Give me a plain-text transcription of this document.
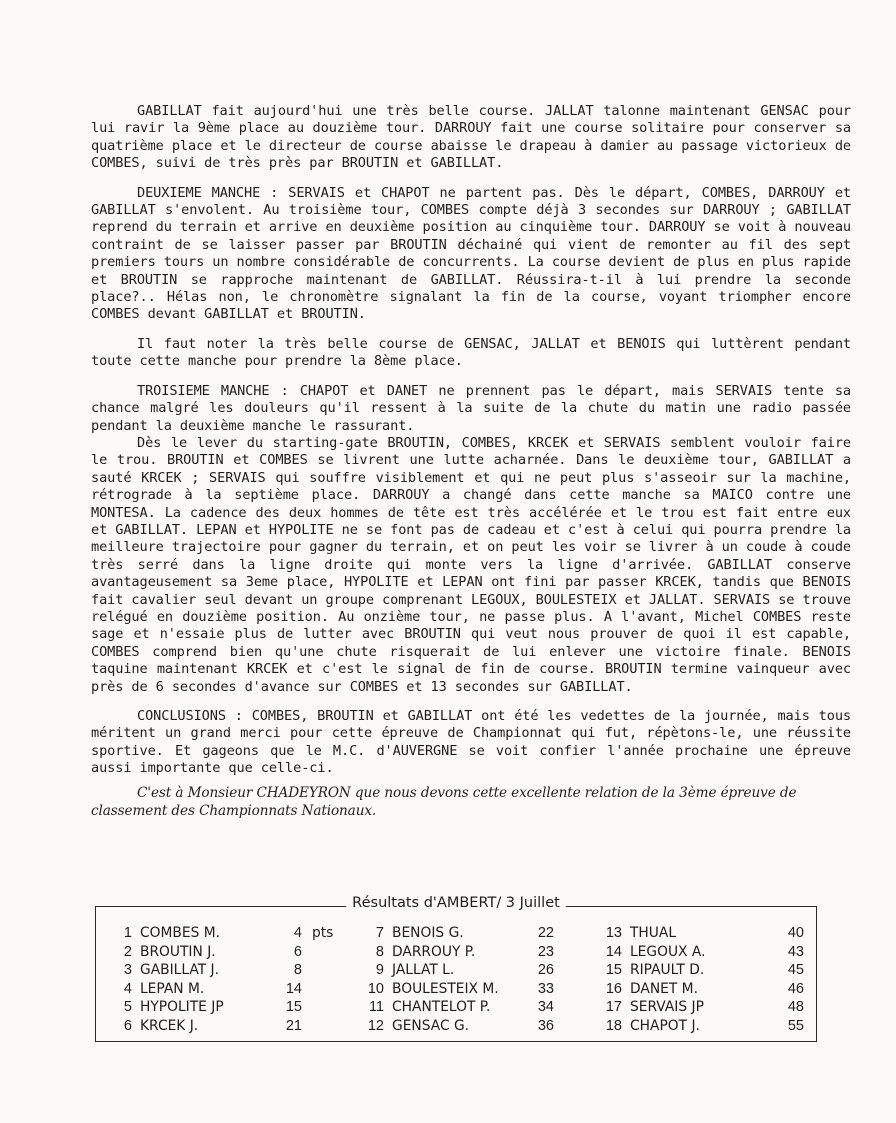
GABILLAT fait aujourd'hui une très belle course. JALLAT talonne maintenant GENSAC pour lui ravir la 9ème place au douzième tour. DARROUY fait une course solitaire pour conserver sa quatrième place et le directeur de course abaisse le drapeau à damier au passage victorieux de COMBES, suivi de très près par BROUTIN et GABILLAT.

DEUXIEME MANCHE : SERVAIS et CHAPOT ne partent pas. Dès le départ, COMBES, DARROUY et GABILLAT s'envolent. Au troisième tour, COMBES compte déjà 3 secondes sur DARROUY ; GABILLAT reprend du terrain et arrive en deuxième position au cinquième tour. DARROUY se voit à nouveau contraint de se laisser passer par BROUTIN déchainé qui vient de remonter au fil des sept premiers tours un nombre considérable de concurrents. La course devient de plus en plus rapide et BROUTIN se rapproche maintenant de GABILLAT. Réussira-t-il à lui prendre la seconde place?.. Hélas non, le chronomètre signalant la fin de la course, voyant triompher encore COMBES devant GABILLAT et BROUTIN.

Il faut noter la très belle course de GENSAC, JALLAT et BENOIS qui luttèrent pendant toute cette manche pour prendre la 8ème place.

TROISIEME MANCHE : CHAPOT et DANET ne prennent pas le départ, mais SERVAIS tente sa chance malgré les douleurs qu'il ressent à la suite de la chute du matin une radio passée pendant la deuxième manche le rassurant.

Dès le lever du starting-gate BROUTIN, COMBES, KRCEK et SERVAIS semblent vouloir faire le trou. BROUTIN et COMBES se livrent une lutte acharnée. Dans le deuxième tour, GABILLAT a sauté KRCEK ; SERVAIS qui souffre visiblement et qui ne peut plus s'asseoir sur la machine, rétrograde à la septième place. DARROUY a changé dans cette manche sa MAICO contre une MONTESA. La cadence des deux hommes de tête est très accélérée et le trou est fait entre eux et GABILLAT. LEPAN et HYPOLITE ne se font pas de cadeau et c'est à celui qui pourra prendre la meilleure trajectoire pour gagner du terrain, et on peut les voir se livrer à un coude à coude très serré dans la ligne droite qui monte vers la ligne d'arrivée. GABILLAT conserve avantageusement sa 3eme place, HYPOLITE et LEPAN ont fini par passer KRCEK, tandis que BENOIS fait cavalier seul devant un groupe comprenant LEGOUX, BOULESTEIX et JALLAT. SERVAIS se trouve relégué en douzième position. Au onzième tour, ne passe plus. A l'avant, Michel COMBES reste sage et n'essaie plus de lutter avec BROUTIN qui veut nous prouver de quoi il est capable, COMBES comprend bien qu'une chute risquerait de lui enlever une victoire finale. BENOIS taquine maintenant KRCEK et c'est le signal de fin de course. BROUTIN termine vainqueur avec près de 6 secondes d'avance sur COMBES et 13 secondes sur GABILLAT.

CONCLUSIONS : COMBES, BROUTIN et GABILLAT ont été les vedettes de la journée, mais tous méritent un grand merci pour cette épreuve de Championnat qui fut, répètons-le, une réussite sportive. Et gageons que le M.C. d'AUVERGNE se voit confier l'année prochaine une épreuve aussi importante que celle-ci.

C'est à Monsieur CHADEYRON que nous devons cette excellente relation de la 3ème épreuve de classement des Championnats Nationaux.

Résultats d'AMBERT/ 3 Juillet
1 COMBES M.	4 pts
2 BROUTIN J.	6
3 GABILLAT J.	8
4 LEPAN M.	14
5 HYPOLITE JP	15
6 KRCEK J.	21
7 BENOIS G.	22
8 DARROUY P.	23
9 JALLAT L.	26
10 BOULESTEIX M.	33
11 CHANTELOT P.	34
12 GENSAC G.	36
13 THUAL	40
14 LEGOUX A.	43
15 RIPAULT D.	45
16 DANET M.	46
17 SERVAIS JP	48
18 CHAPOT J.	55
